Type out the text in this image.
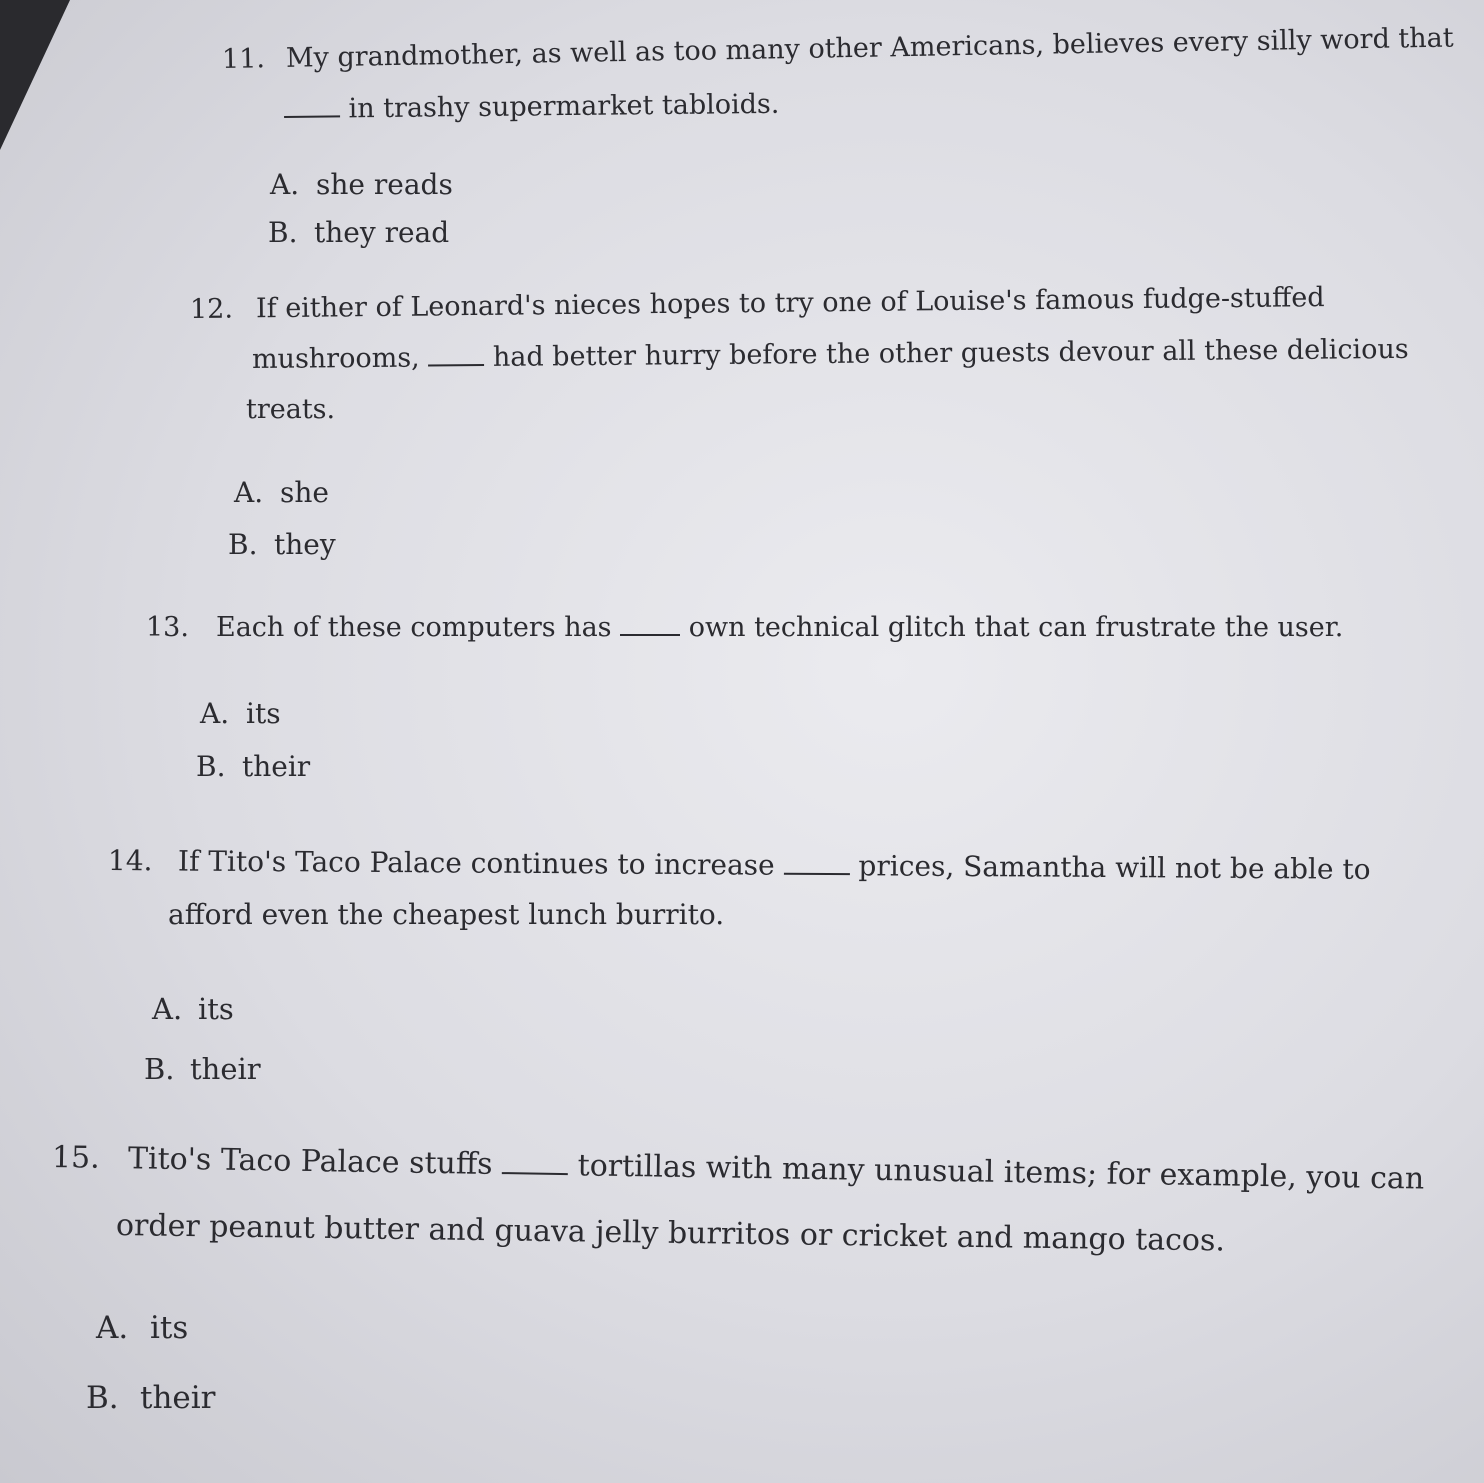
11. My grandmother, as well as too many other Americans, believes every silly word that
in trashy supermarket tabloids.
A. she reads
B. they read
12. If either of Leonard's nieces hopes to try one of Louise's famous fudge-stuffed
mushrooms,	had better hurry before the other guests devour all these delicious
treats.
A. she
B. they
13. Each of these computers has	own technical glitch that can frustrate the user.
A. its
B. their
14. If Tito's Taco Palace continues to increase	prices, Samantha will not be able to
afford even the cheapest lunch burrito.
A. its
B. their
15. Tito's Taco Palace stuffs	tortillas with many unusual items; for example, you can
order peanut butter and guava jelly burritos or cricket and mango tacos.
A. its
B. their
